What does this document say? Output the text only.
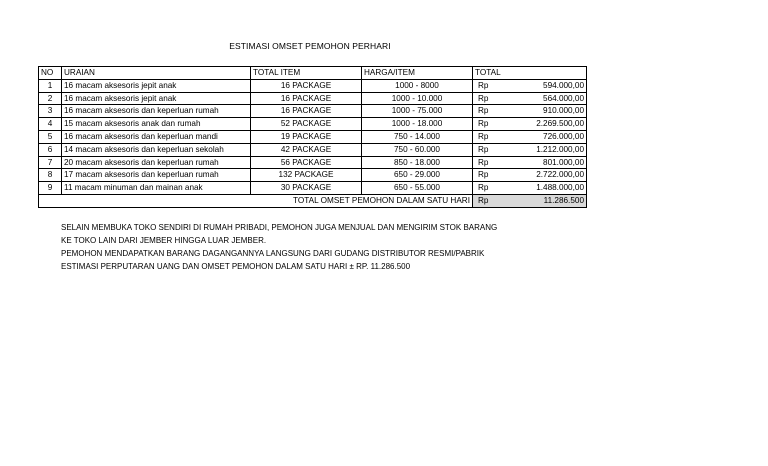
ESTIMASI OMSET PEMOHON PERHARI
NO	URAIAN	TOTAL ITEM	HARGA/ITEM	TOTAL	
1	16 macam aksesoris jepit anak	16 PACKAGE	1000 - 8000	Rp	594.000,00
2	16 macam aksesoris jepit anak	16 PACKAGE	1000 - 10.000	Rp	564.000,00
3	16 macam aksesoris dan keperluan rumah	16 PACKAGE	1000 - 75.000	Rp	910.000,00
4	15 macam aksesoris anak dan rumah	52 PACKAGE	1000 - 18.000	Rp	2.269.500,00
5	16 macam aksesoris dan keperluan mandi	19 PACKAGE	750 - 14.000	Rp	726.000,00
6	14 macam aksesoris dan keperluan sekolah	42 PACKAGE	750 - 60.000	Rp	1.212.000,00
7	20 macam aksesoris dan keperluan rumah	56 PACKAGE	850 - 18.000	Rp	801.000,00
8	17 macam aksesoris dan keperluan rumah	132 PACKAGE	650 - 29.000	Rp	2.722.000,00
9	11 macam minuman dan mainan anak	30 PACKAGE	650 - 55.000	Rp	1.488.000,00
TOTAL OMSET PEMOHON DALAM SATU HARI				Rp	11.286.500
SELAIN MEMBUKA TOKO SENDIRI DI RUMAH PRIBADI, PEMOHON JUGA MENJUAL DAN MENGIRIM STOK BARANG
KE TOKO LAIN DARI JEMBER HINGGA LUAR JEMBER.
PEMOHON MENDAPATKAN BARANG DAGANGANNYA LANGSUNG DARI GUDANG DISTRIBUTOR RESMI/PABRIK
ESTIMASI PERPUTARAN UANG DAN OMSET PEMOHON DALAM SATU HARI ± RP. 11.286.500
